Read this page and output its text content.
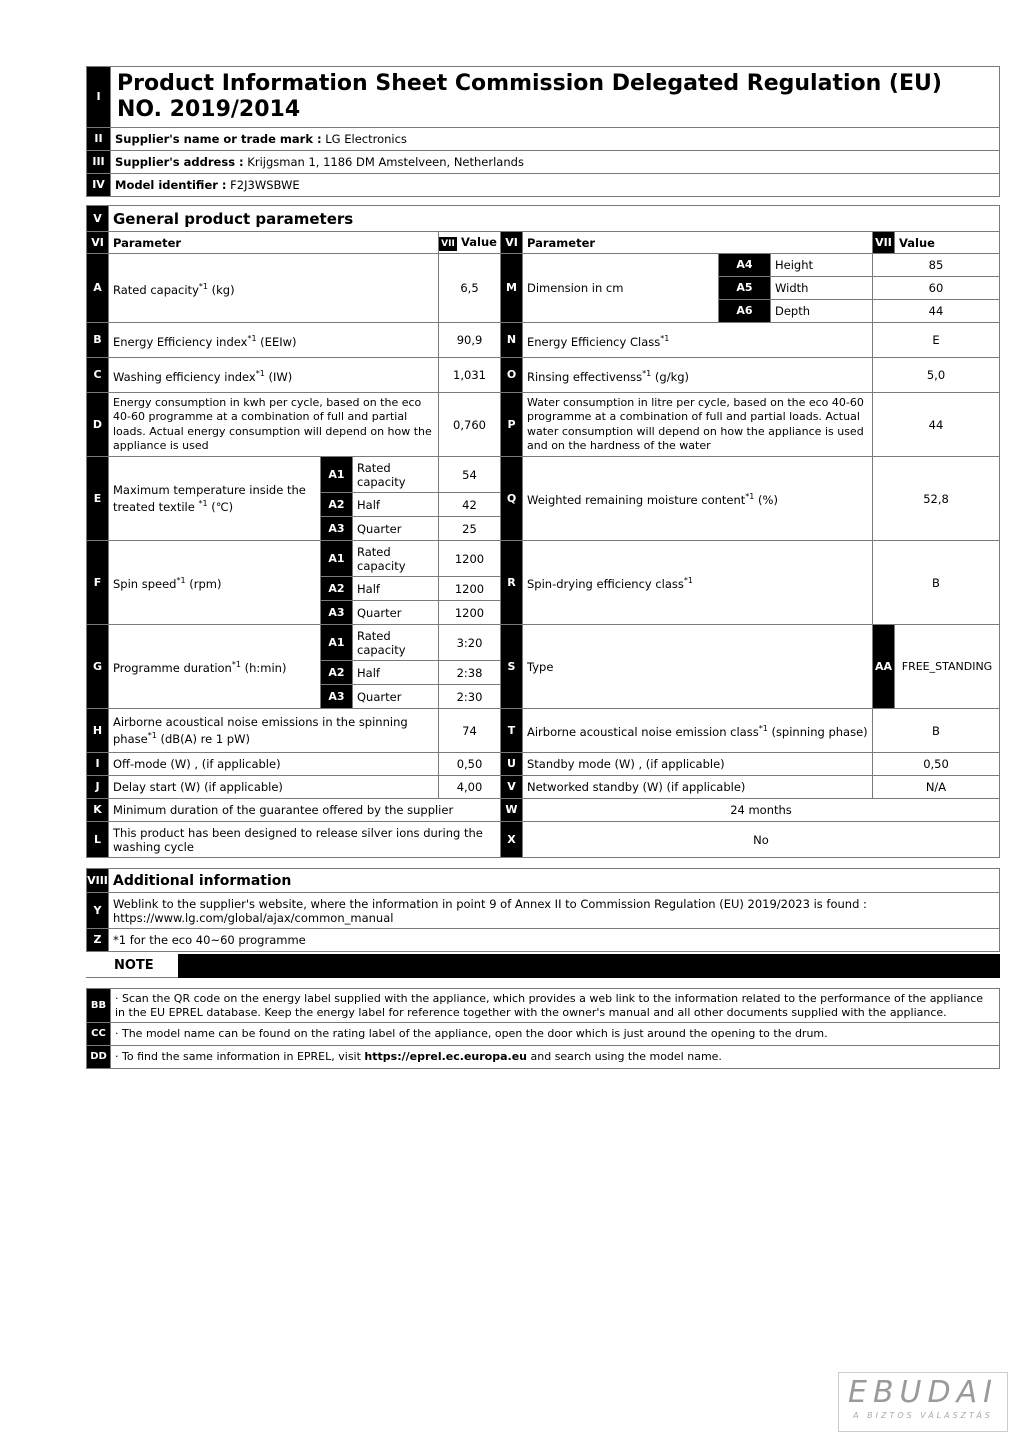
I	Product Information Sheet Commission Delegated Regulation (EU) NO. 2019/2014
II	Supplier's name or trade mark : LG Electronics
III	Supplier's address : Krijgsman 1, 1186 DM Amstelveen, Netherlands
IV	Model identifier : F2J3WSBWE
V	General product parameters									
VI	Parameter			VII Value	VI	Parameter			VII	Value
A	Rated capacity$^{*1}$ (kg)			6,5	M	Dimension in cm	A4	Height	85	
							A5	Width	60	
							A6	Depth	44	
B	Energy Efficiency index$^{*1}$ (EEIw)			90,9	N	Energy Efficiency Class$^{*1}$			E	
C	Washing efficiency index$^{*1}$ (IW)			1,031	O	Rinsing effectivenss$^{*1}$ (g/kg)			5,0	
D	Energy consumption in kwh per cycle, based on the eco 40-60 programme at a combination of full and partial loads. Actual energy consumption will depend on how the appliance is used			0,760	P	Water consumption in litre per cycle, based on the eco 40-60 programme at a combination of full and partial loads. Actual water consumption will depend on how the appliance is used and on the hardness of the water			44	
E	Maximum temperature inside the treated textile $^{*1}$ (℃)	A1	Rated capacity	54	Q	Weighted remaining moisture content$^{*1}$ (%)			52,8	
		A2	Half	42						
		A3	Quarter	25						
F	Spin speed$^{*1}$ (rpm)	A1	Rated capacity	1200	R	Spin-drying efficiency class$^{*1}$			B	
		A2	Half	1200						
		A3	Quarter	1200						
G	Programme duration$^{*1}$ (h:min)	A1	Rated capacity	3:20	S	Type			AA	FREE_STANDING
		A2	Half	2:38						
		A3	Quarter	2:30						
H	Airborne acoustical noise emissions in the spinning phase$^{*1}$ (dB(A) re 1 pW)			74	T	Airborne acoustical noise emission class$^{*1}$ (spinning phase)			B	
I	Off-mode (W) , (if applicable)			0,50	U	Standby mode (W) , (if applicable)			0,50	
J	Delay start (W) (if applicable)			4,00	V	Networked standby (W) (if applicable)			N/A	
K	Minimum duration of the guarantee offered by the supplier				W	24 months				
L	This product has been designed to release silver ions during the washing cycle				X	No				
VIII	Additional information
Y	Weblink to the supplier's website, where the information in point 9 of Annex II to Commission Regulation (EU) 2019/2023 is found :
https://www.lg.com/global/ajax/common_manual

Z	*1 for the eco 40~60 programme
NOTE
BB	· Scan the QR code on the energy label supplied with the appliance, which provides a web link to the information related to the performance of the appliance in the EU EPREL database. Keep the energy label for reference together with the owner's manual and all other documents supplied with the appliance.
CC	· The model name can be found on the rating label of the appliance, open the door which is just around the opening to the drum.
DD	· To find the same information in EPREL, visit https://eprel.ec.europa.eu and search using the model name.
EBUDAI
A BIZTOS VÁLASZTÁS
